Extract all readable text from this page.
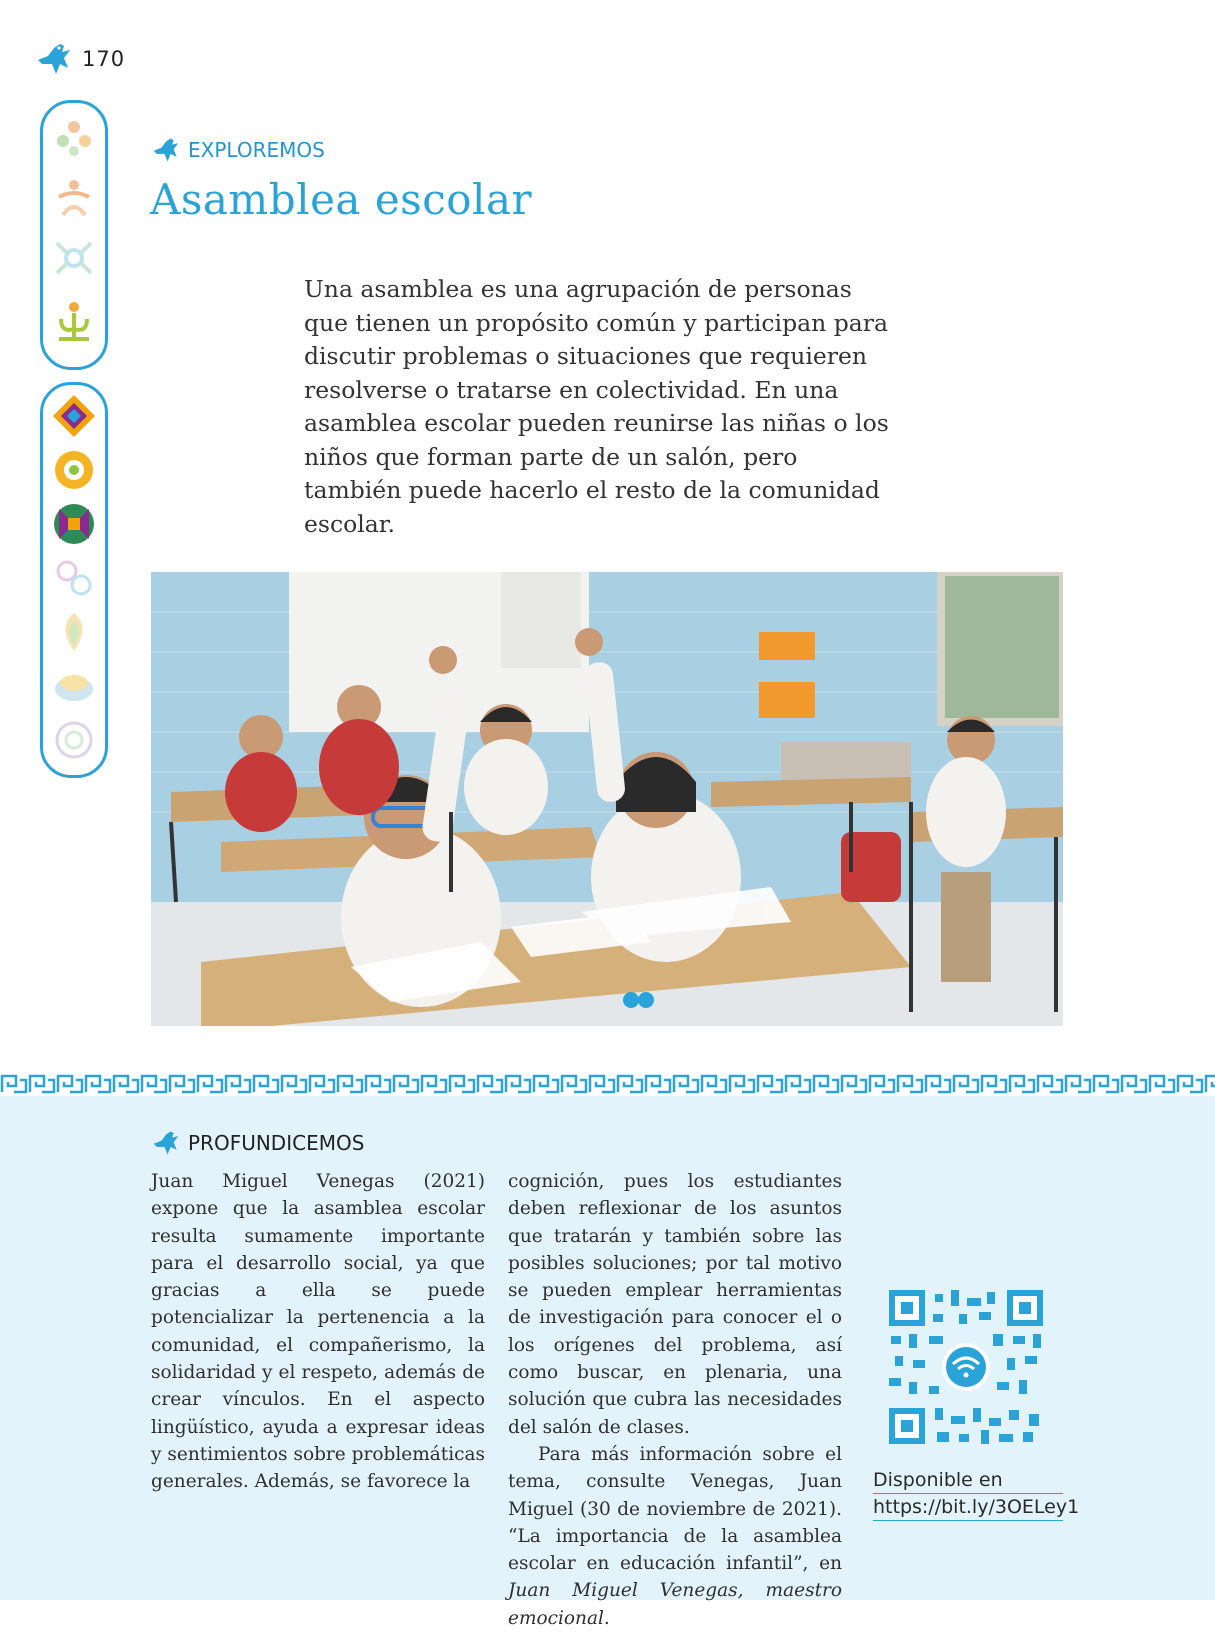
170
EXPLOREMOS
Asamblea escolar

Una asamblea es una agrupación de personas que tienen un propósito común y participan para discutir problemas o situaciones que requieren resolverse o tratarse en colectividad. En una asamblea escolar pueden reunirse las niñas o los niños que forman parte de un salón, pero también puede hacerlo el resto de la comunidad escolar.

PROFUNDICEMOS

Juan Miguel Venegas (2021) expone que la asamblea escolar resulta sumamente importante para el desarrollo social, ya que gracias a ella se puede potencializar la pertenencia a la comunidad, el compañerismo, la solidaridad y el respeto, además de crear vínculos. En el aspecto lingüístico, ayuda a expresar ideas y sentimientos sobre problemáticas generales. Además, se favorece la

cognición, pues los estudiantes deben reflexionar de los asuntos que tratarán y también sobre las posibles soluciones; por tal motivo se pueden emplear herramientas de investigación para conocer el o los orígenes del problema, así como buscar, en plenaria, una solución que cubra las necesidades del salón de clases.

Para más información sobre el tema, consulte Venegas, Juan Miguel (30 de noviembre de 2021). “La importancia de la asamblea escolar en educación infantil”, en Juan Miguel Venegas, maestro emocional.

Disponible en
https://bit.ly/3OELey1
